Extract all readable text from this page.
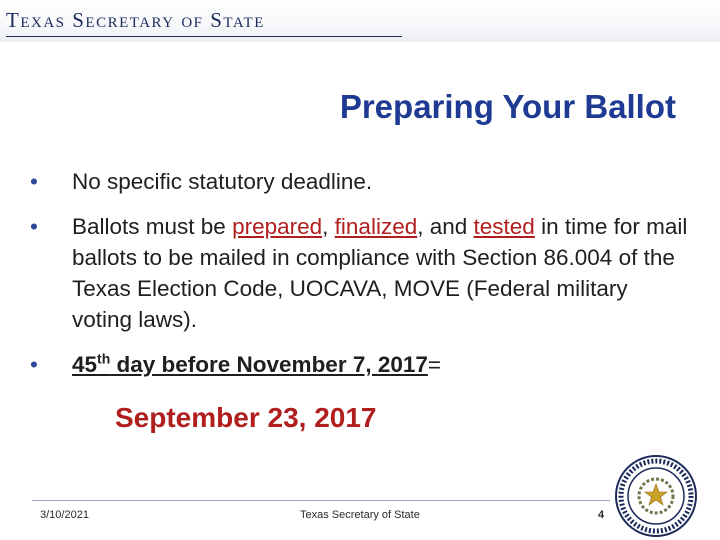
Texas Secretary of State
Preparing Your Ballot
• No specific statutory deadline.
• Ballots must be prepared, finalized, and tested in time for mail ballots to be mailed in compliance with Section 86.004 of the Texas Election Code, UOCAVA, MOVE (Federal military voting laws).
• 45th day before November 7, 2017=
September 23, 2017
3/10/2021	Texas Secretary of State	4
